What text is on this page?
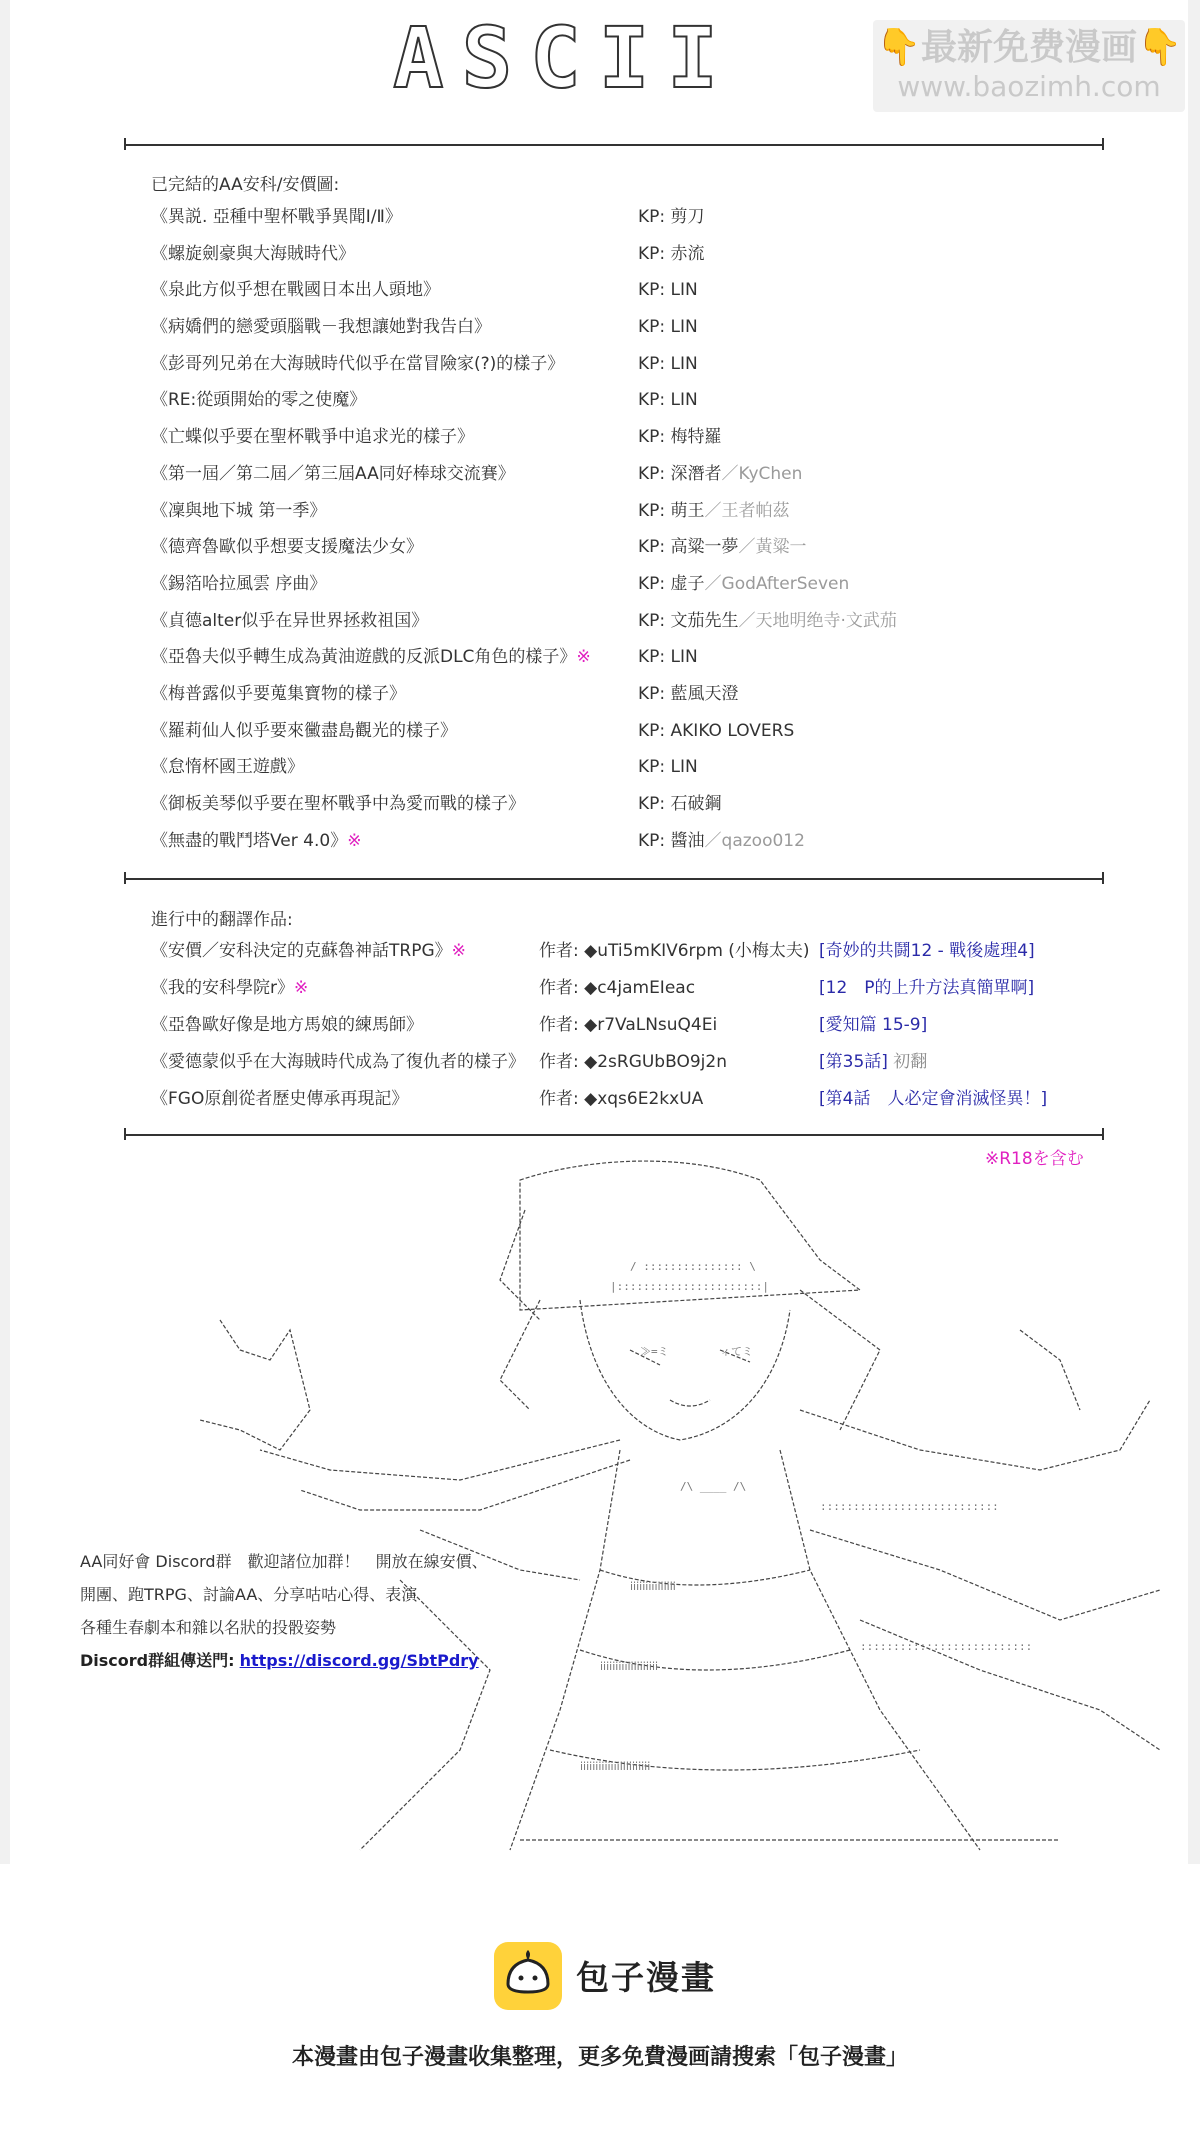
ASCII	👇最新免费漫画👇
www.baozimh.com
已完結的AA安科/安價圖:
《異説. 亞種中聖杯戰爭異聞Ⅰ/Ⅱ》	KP: 剪刀
《螺旋劍豪與大海賊時代》	KP: 赤流
《泉此方似乎想在戰國日本出人頭地》	KP: LIN
《病嬌們的戀愛頭腦戰－我想讓她對我告白》	KP: LIN
《彭哥列兄弟在大海賊時代似乎在當冒險家(?)的樣子》	KP: LIN
《RE:從頭開始的零之使魔》	KP: LIN
《亡蝶似乎要在聖杯戰爭中追求光的樣子》	KP: 梅特羅
《第一屆／第二屆／第三屆AA同好棒球交流賽》	KP: 深潛者／KyChen
《凜與地下城 第一季》	KP: 萌王／王者帕茲
《德齊魯歐似乎想要支援魔法少女》	KP: 高粱一夢／黃粱一
《錫箔哈拉風雲 序曲》	KP: 虚子／GodAfterSeven
《貞德alter似乎在异世界拯救祖国》	KP: 文茄先生／天地明绝寺·文武茄
《亞魯夫似乎轉生成為黃油遊戲的反派DLC角色的樣子》※	KP: LIN
《梅普露似乎要蒐集寶物的樣子》	KP: 藍風天澄
《羅莉仙人似乎要來黴盡島觀光的樣子》	KP: AKIKO LOVERS
《怠惰杯國王遊戲》	KP: LIN
《御板美琴似乎要在聖杯戰爭中為愛而戰的樣子》	KP: 石破鋼
《無盡的戰鬥塔Ver 4.0》※	KP: 醬油／qazoo012
進行中的翻譯作品:
《安價／安科決定的克蘇魯神話TRPG》※	作者: ◆uTi5mKIV6rpm (小梅太夫) [奇妙的共鬪12 - 戰後處理4]
《我的安科學院r》※	作者: ◆c4jamEIeac	[12　P的上升方法真簡單啊]
《亞魯歐好像是地方馬娘的練馬師》	作者: ◆r7VaLNsuQ4Ei	[愛知篇 15-9]
《愛德蒙似乎在大海賊時代成為了復仇者的樣子》 作者: ◆2sRGUbBO9j2n	[第35話] 初翻
《FGO原創從者歷史傳承再現記》	作者: ◆xqs6E2kxUA	[第4話　人必定會消滅怪異！]
※R18を含む
/ ::::::::::::::: \
|::::::::::::::::::::::|
≫=ミ	ィてミ
/\ ____ /\
ⅰⅰⅰⅰⅰⅰⅰⅰⅰⅰⅰⅰⅰⅰⅰ
ⅰⅰⅰⅰⅰⅰⅰⅰⅰⅰⅰⅰⅰⅰⅰⅰⅰⅰⅰ
ⅰⅰⅰⅰⅰⅰⅰⅰⅰⅰⅰⅰⅰⅰⅰⅰⅰⅰⅰⅰⅰⅰⅰ
:::::::::::::::::::::::::::
::::::::::::::::::::::::::
AA同好會 Discord群　歡迎諸位加群！　開放在線安價、
開團、跑TRPG、討論AA、分享咕咕心得、表演
各種生春劇本和雜以名狀的投骰姿勢
Discord群組傳送門: https://discord.gg/SbtPdry
包子漫畫
本漫畫由包子漫畫收集整理，更多免費漫画請搜索「包子漫畫」
